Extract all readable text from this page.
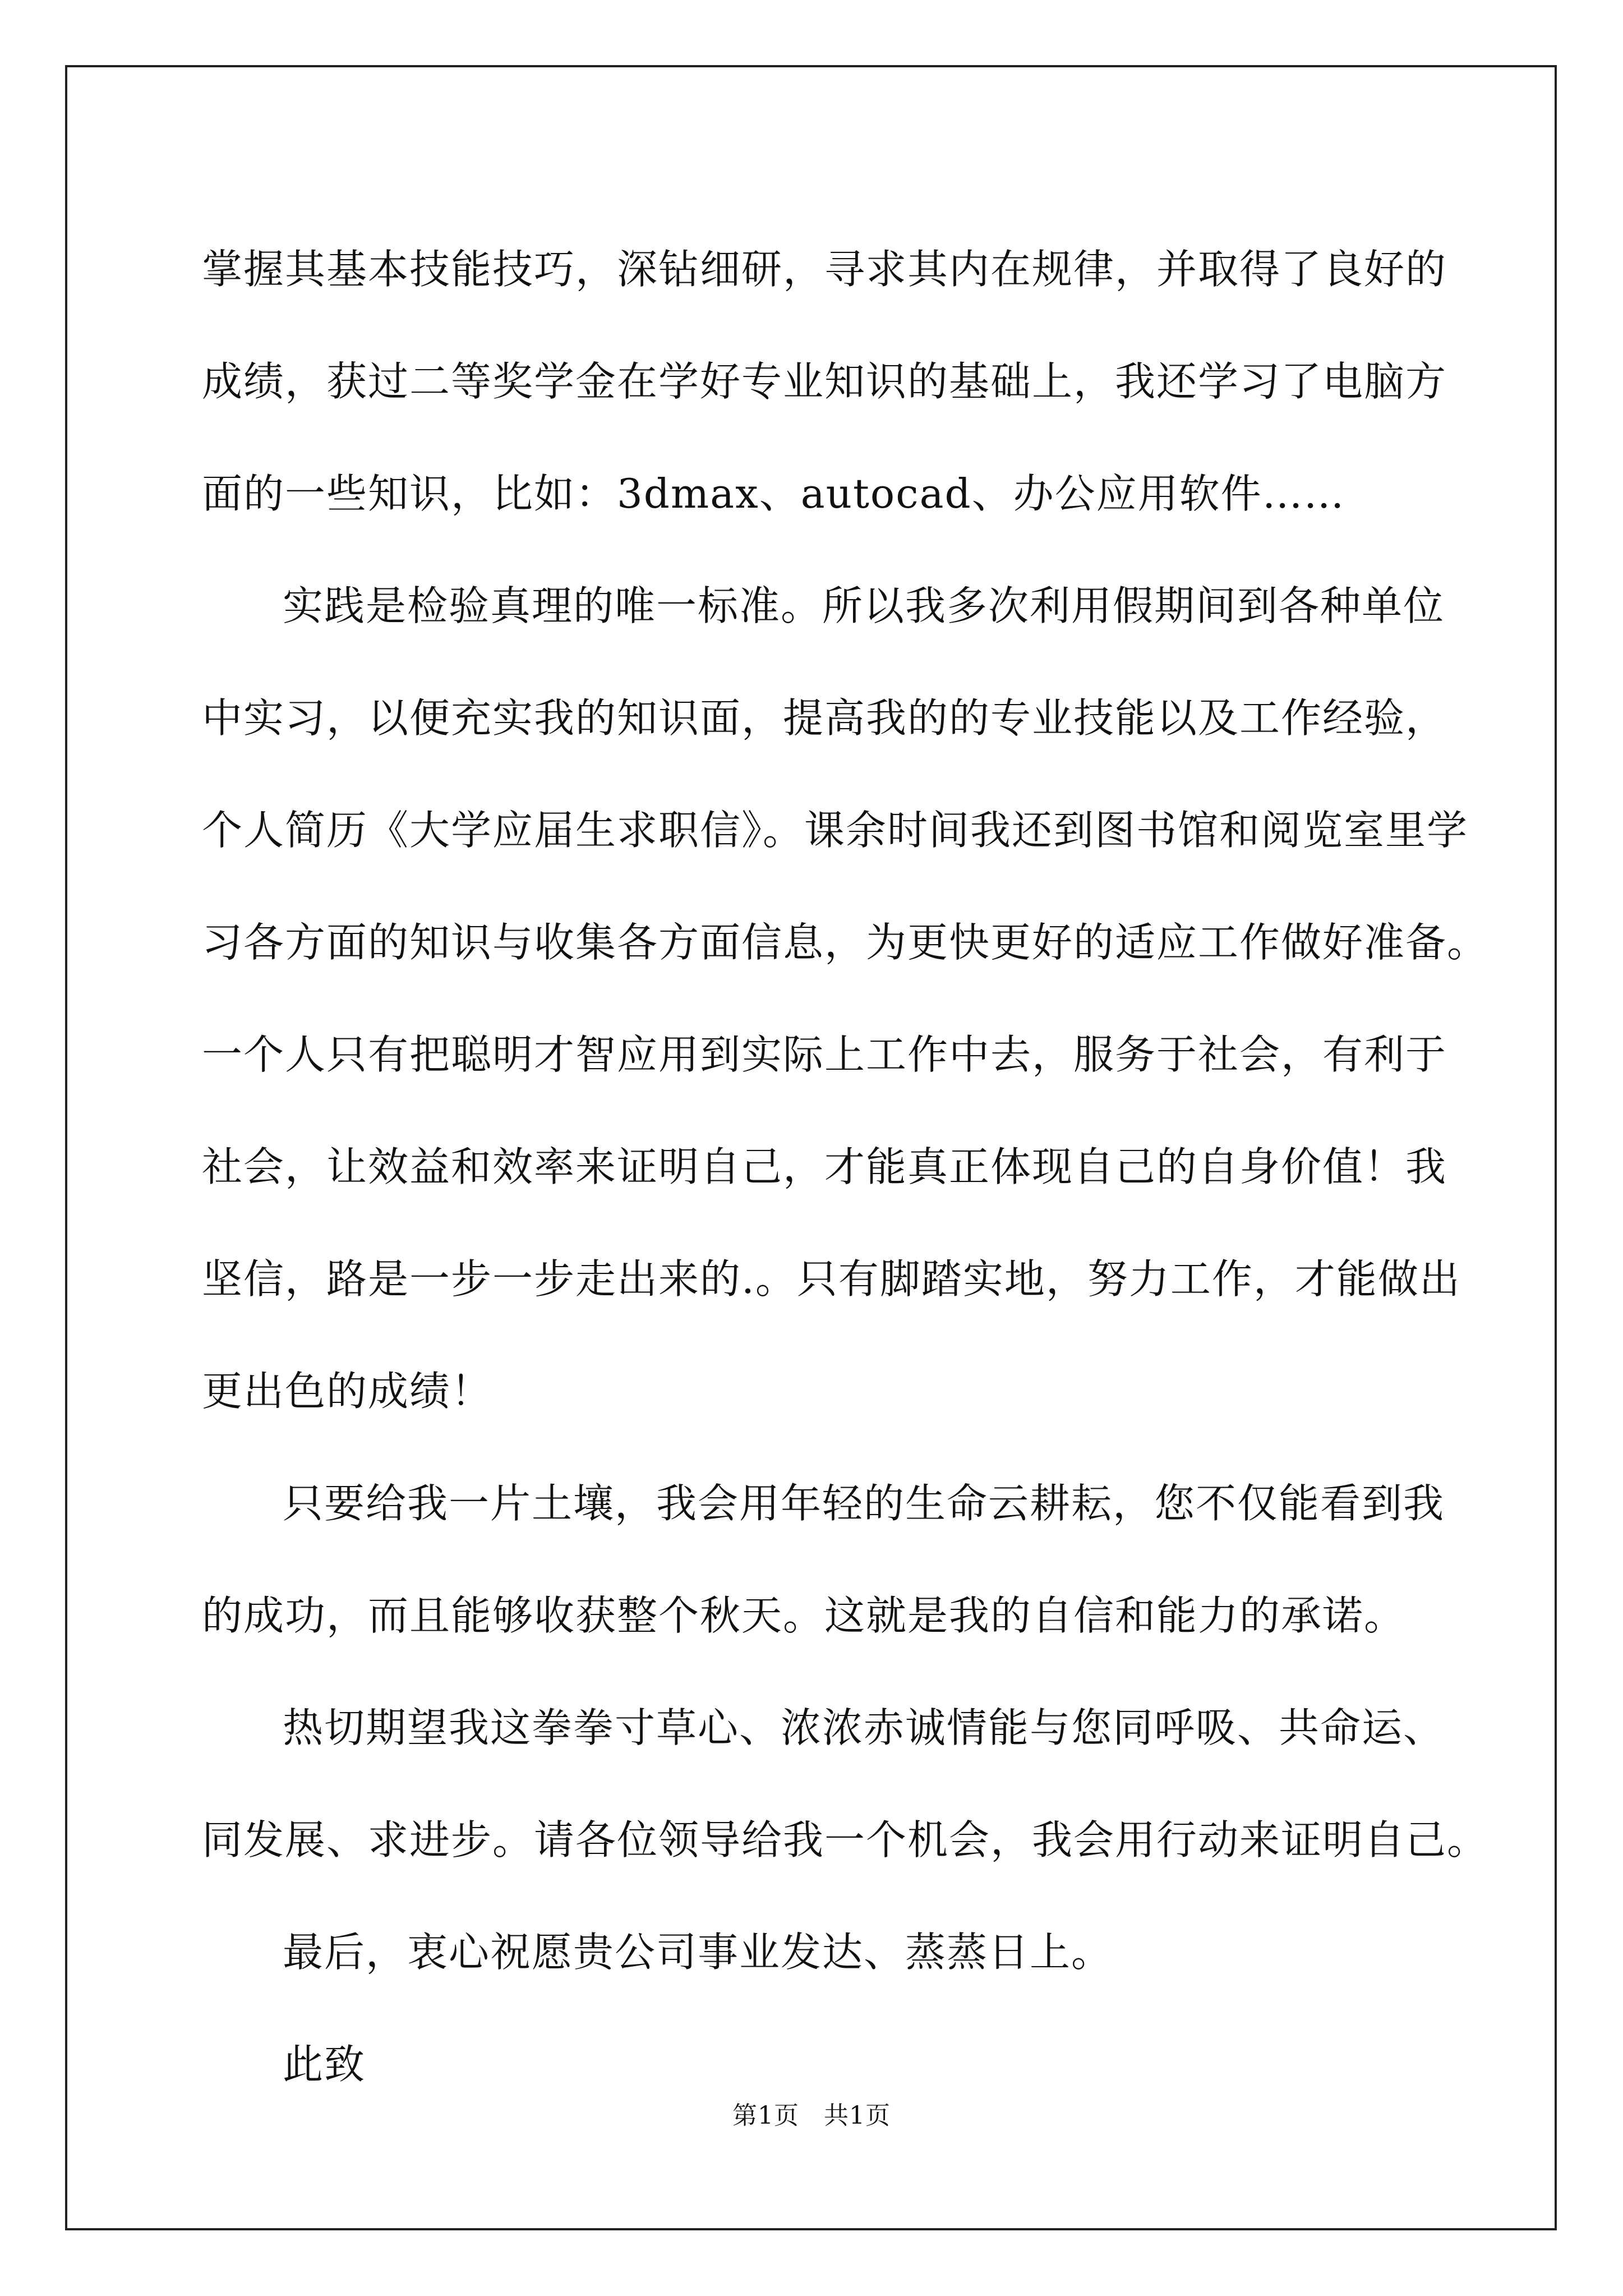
掌握其基本技能技巧，深钻细研，寻求其内在规律，并取得了良好的
成绩，获过二等奖学金在学好专业知识的基础上，我还学习了电脑方
面的一些知识，比如：3dmax、autocad、办公应用软件……
实践是检验真理的唯一标准。所以我多次利用假期间到各种单位
中实习，以便充实我的知识面，提高我的的专业技能以及工作经验，
个人简历《大学应届生求职信》。课余时间我还到图书馆和阅览室里学
习各方面的知识与收集各方面信息，为更快更好的适应工作做好准备。
一个人只有把聪明才智应用到实际上工作中去，服务于社会，有利于
社会，让效益和效率来证明自己，才能真正体现自己的自身价值！我
坚信，路是一步一步走出来的.。只有脚踏实地，努力工作，才能做出
更出色的成绩！
只要给我一片土壤，我会用年轻的生命云耕耘，您不仅能看到我
的成功，而且能够收获整个秋天。这就是我的自信和能力的承诺。
热切期望我这拳拳寸草心、浓浓赤诚情能与您同呼吸、共命运、
同发展、求进步。请各位领导给我一个机会，我会用行动来证明自己。
最后，衷心祝愿贵公司事业发达、蒸蒸日上。
此致
第1页 共1页
